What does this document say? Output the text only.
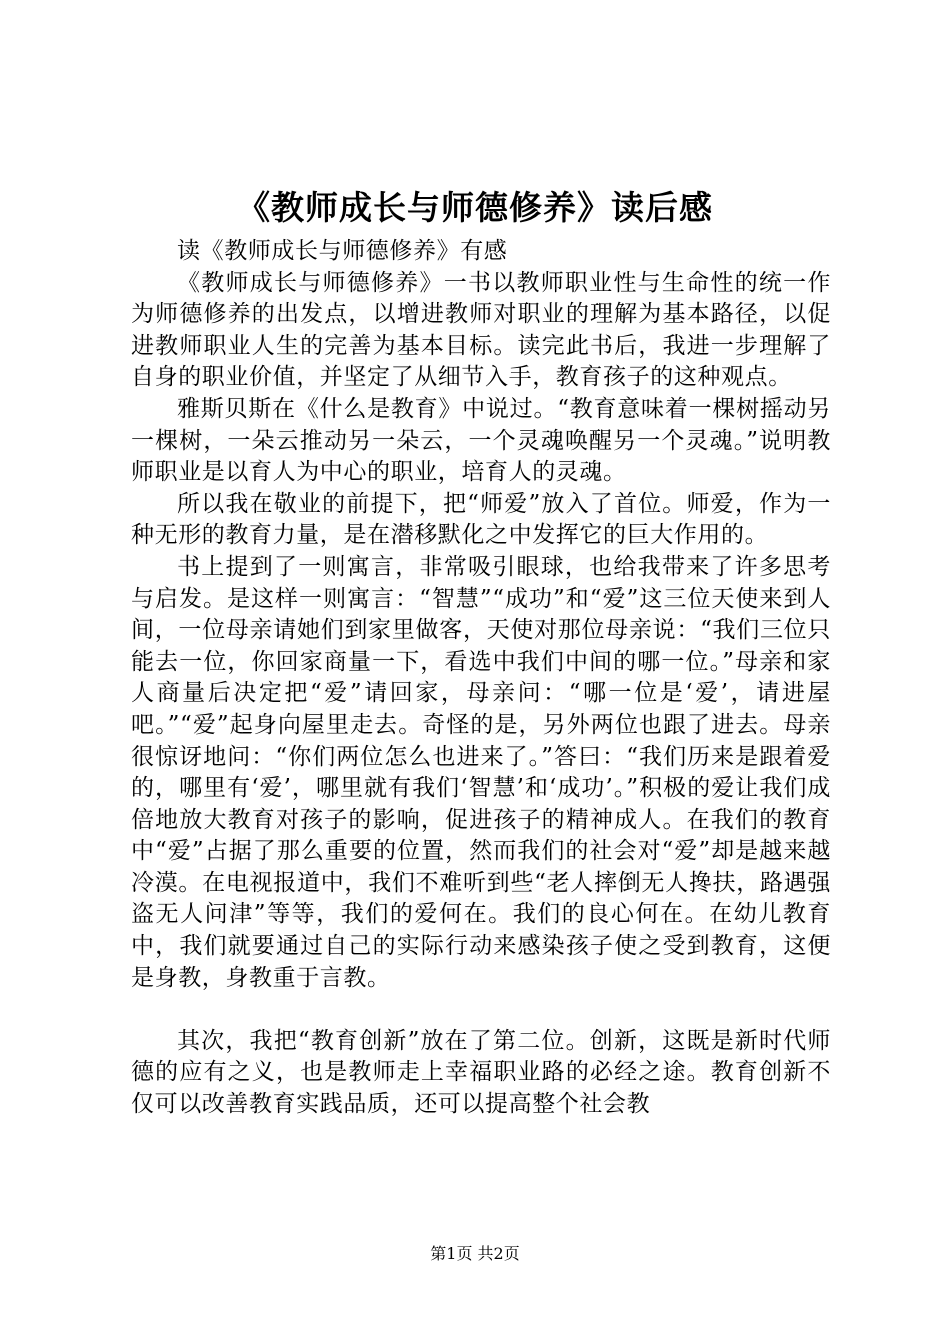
《教师成长与师德修养》读后感

读《教师成长与师德修养》有感

《教师成长与师德修养》一书以教师职业性与生命性的统一作为师德修养的出发点，以增进教师对职业的理解为基本路径，以促进教师职业人生的完善为基本目标。读完此书后，我进一步理解了自身的职业价值，并坚定了从细节入手，教育孩子的这种观点。

雅斯贝斯在《什么是教育》中说过。“教育意味着一棵树摇动另一棵树，一朵云推动另一朵云，一个灵魂唤醒另一个灵魂。”说明教师职业是以育人为中心的职业，培育人的灵魂。

所以我在敬业的前提下，把“师爱”放入了首位。师爱，作为一种无形的教育力量，是在潜移默化之中发挥它的巨大作用的。

书上提到了一则寓言，非常吸引眼球，也给我带来了许多思考与启发。是这样一则寓言：“智慧”“成功”和“爱”这三位天使来到人间，一位母亲请她们到家里做客，天使对那位母亲说：“我们三位只能去一位，你回家商量一下，看选中我们中间的哪一位。”母亲和家人商量后决定把“爱”请回家，母亲问：“哪一位是‘爱’，请进屋吧。”“爱”起身向屋里走去。奇怪的是，另外两位也跟了进去。母亲很惊讶地问：“你们两位怎么也进来了。”答曰：“我们历来是跟着爱的，哪里有‘爱’，哪里就有我们‘智慧’和‘成功’。”积极的爱让我们成倍地放大教育对孩子的影响，促进孩子的精神成人。在我们的教育中“爱”占据了那么重要的位置，然而我们的社会对“爱”却是越来越冷漠。在电视报道中，我们不难听到些“老人摔倒无人搀扶，路遇强盗无人问津”等等，我们的爱何在。我们的良心何在。在幼儿教育中，我们就要通过自己的实际行动来感染孩子使之受到教育，这便是身教，身教重于言教。

其次，我把“教育创新”放在了第二位。创新，这既是新时代师德的应有之义，也是教师走上幸福职业路的必经之途。教育创新不仅可以改善教育实践品质，还可以提高整个社会教

第1页 共2页
